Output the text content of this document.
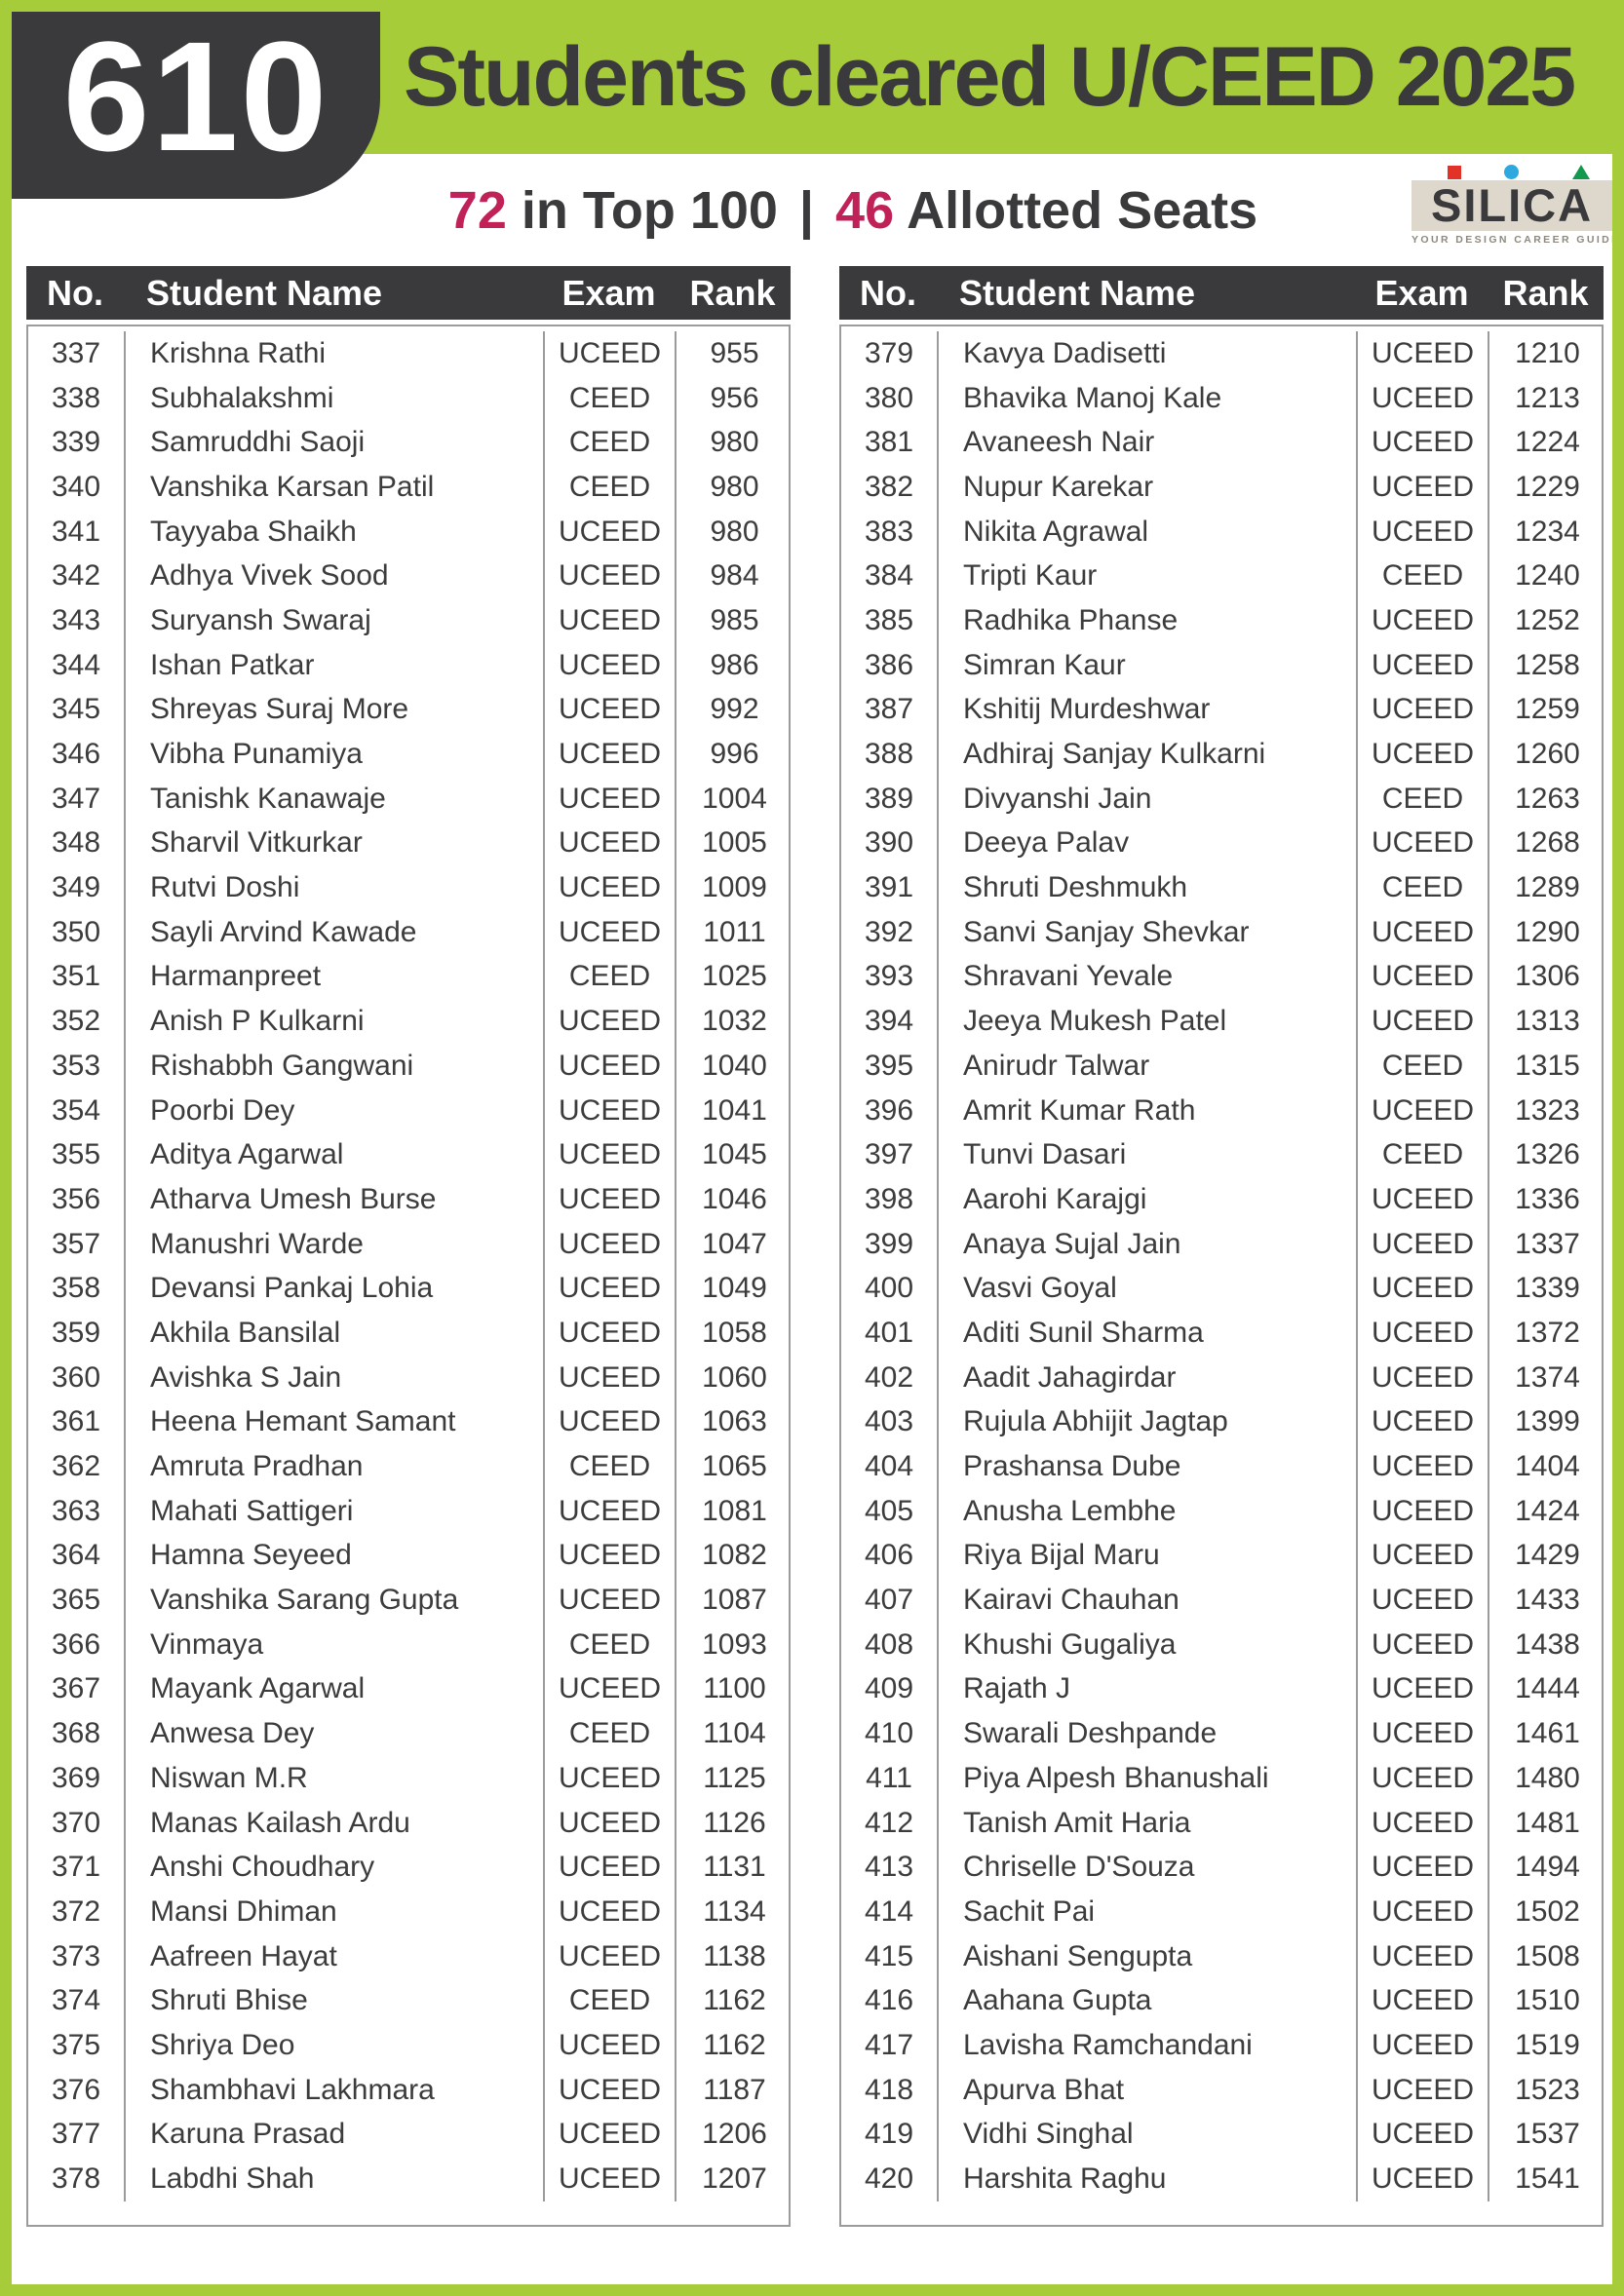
610 Students cleared U/CEED 2025
72 in Top 100 | 46 Allotted Seats	SILICA
YOUR DESIGN CAREER GUIDE
No.	Student Name	Exam Rank
337	Krishna Rathi	UCEED	955
338	Subhalakshmi	CEED	956
339	Samruddhi Saoji	CEED	980
340	Vanshika Karsan Patil	CEED	980
341	Tayyaba Shaikh	UCEED	980
342	Adhya Vivek Sood	UCEED	984
343	Suryansh Swaraj	UCEED	985
344	Ishan Patkar	UCEED	986
345	Shreyas Suraj More	UCEED	992
346	Vibha Punamiya	UCEED	996
347	Tanishk Kanawaje	UCEED	1004
348	Sharvil Vitkurkar	UCEED	1005
349	Rutvi Doshi	UCEED	1009
350	Sayli Arvind Kawade	UCEED	1011
351	Harmanpreet	CEED	1025
352	Anish P Kulkarni	UCEED	1032
353	Rishabbh Gangwani	UCEED	1040
354	Poorbi Dey	UCEED	1041
355	Aditya Agarwal	UCEED	1045
356	Atharva Umesh Burse	UCEED	1046
357	Manushri Warde	UCEED	1047
358	Devansi Pankaj Lohia	UCEED	1049
359	Akhila Bansilal	UCEED	1058
360	Avishka S Jain	UCEED	1060
361	Heena Hemant Samant	UCEED	1063
362	Amruta Pradhan	CEED	1065
363	Mahati Sattigeri	UCEED	1081
364	Hamna Seyeed	UCEED	1082
365	Vanshika Sarang Gupta	UCEED	1087
366	Vinmaya	CEED	1093
367	Mayank Agarwal	UCEED	1100
368	Anwesa Dey	CEED	1104
369	Niswan M.R	UCEED	1125
370	Manas Kailash Ardu	UCEED	1126
371	Anshi Choudhary	UCEED	1131
372	Mansi Dhiman	UCEED	1134
373	Aafreen Hayat	UCEED	1138
374	Shruti Bhise	CEED	1162
375	Shriya Deo	UCEED	1162
376	Shambhavi Lakhmara	UCEED	1187
377	Karuna Prasad	UCEED	1206
378	Labdhi Shah	UCEED	1207
No.	Student Name	Exam Rank
379	Kavya Dadisetti	UCEED	1210
380	Bhavika Manoj Kale	UCEED	1213
381	Avaneesh Nair	UCEED	1224
382	Nupur Karekar	UCEED	1229
383	Nikita Agrawal	UCEED	1234
384	Tripti Kaur	CEED	1240
385	Radhika Phanse	UCEED	1252
386	Simran Kaur	UCEED	1258
387	Kshitij Murdeshwar	UCEED	1259
388	Adhiraj Sanjay Kulkarni	UCEED	1260
389	Divyanshi Jain	CEED	1263
390	Deeya Palav	UCEED	1268
391	Shruti Deshmukh	CEED	1289
392	Sanvi Sanjay Shevkar	UCEED	1290
393	Shravani Yevale	UCEED	1306
394	Jeeya Mukesh Patel	UCEED	1313
395	Anirudr Talwar	CEED	1315
396	Amrit Kumar Rath	UCEED	1323
397	Tunvi Dasari	CEED	1326
398	Aarohi Karajgi	UCEED	1336
399	Anaya Sujal Jain	UCEED	1337
400	Vasvi Goyal	UCEED	1339
401	Aditi Sunil Sharma	UCEED	1372
402	Aadit Jahagirdar	UCEED	1374
403	Rujula Abhijit Jagtap	UCEED	1399
404	Prashansa Dube	UCEED	1404
405	Anusha Lembhe	UCEED	1424
406	Riya Bijal Maru	UCEED	1429
407	Kairavi Chauhan	UCEED	1433
408	Khushi Gugaliya	UCEED	1438
409	Rajath J	UCEED	1444
410	Swarali Deshpande	UCEED	1461
411	Piya Alpesh Bhanushali	UCEED	1480
412	Tanish Amit Haria	UCEED	1481
413	Chriselle D'Souza	UCEED	1494
414	Sachit Pai	UCEED	1502
415	Aishani Sengupta	UCEED	1508
416	Aahana Gupta	UCEED	1510
417	Lavisha Ramchandani	UCEED	1519
418	Apurva Bhat	UCEED	1523
419	Vidhi Singhal	UCEED	1537
420	Harshita Raghu	UCEED	1541
